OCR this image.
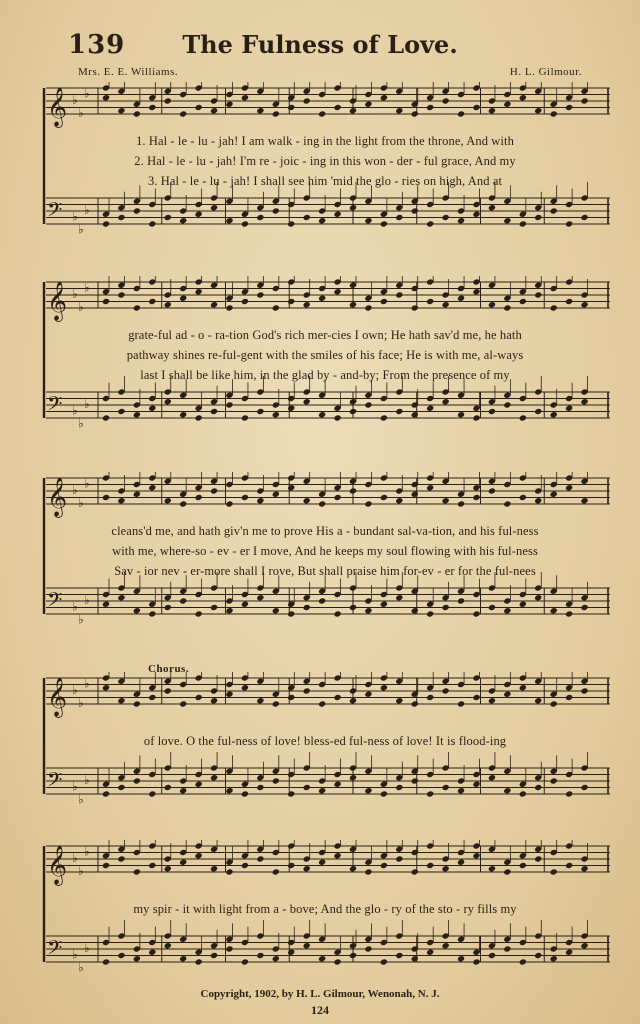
139	The Fulness of Love.
Mrs. E. E. Williams.	H. L. Gilmour.
𝄞 ♭
♭
♭
𝄢 ♭
♭
♭
1. Hal - le - lu - jah! I am walk - ing in the light from the throne, And with
2. Hal - le - lu - jah! I'm re - joic - ing in this won - der - ful grace, And my
3. Hal - le - lu - jah! I shall see him 'mid the glo - ries on high, And at
𝄞 ♭
♭
♭
𝄢 ♭
♭
♭
grate-ful ad - o - ra-tion God's rich mer-cies I own; He hath sav'd me, he hath
pathway shines re-ful-gent with the smiles of his face; He is with me, al-ways
last I shall be like him, in the glad by - and-by; From the presence of my
𝄞 ♭
♭
♭
𝄢 ♭
♭
♭
cleans'd me, and hath giv'n me to prove His a - bundant sal-va-tion, and his ful-ness
with me, where-so - ev - er I move, And he keeps my soul flowing with his ful-ness
Sav - ior nev - er-more shall I rove, But shall praise him for-ev - er for the ful-nees
Chorus.
𝄞 ♭
♭
♭
𝄢 ♭
♭
♭
of love. O the ful-ness of love! bless-ed ful-ness of love! It is flood-ing
𝄞 ♭
♭
♭
𝄢 ♭
♭
♭
my spir - it with light from a - bove; And the glo - ry of the sto - ry fills my
Copyright, 1902, by H. L. Gilmour, Wenonah, N. J.
124
